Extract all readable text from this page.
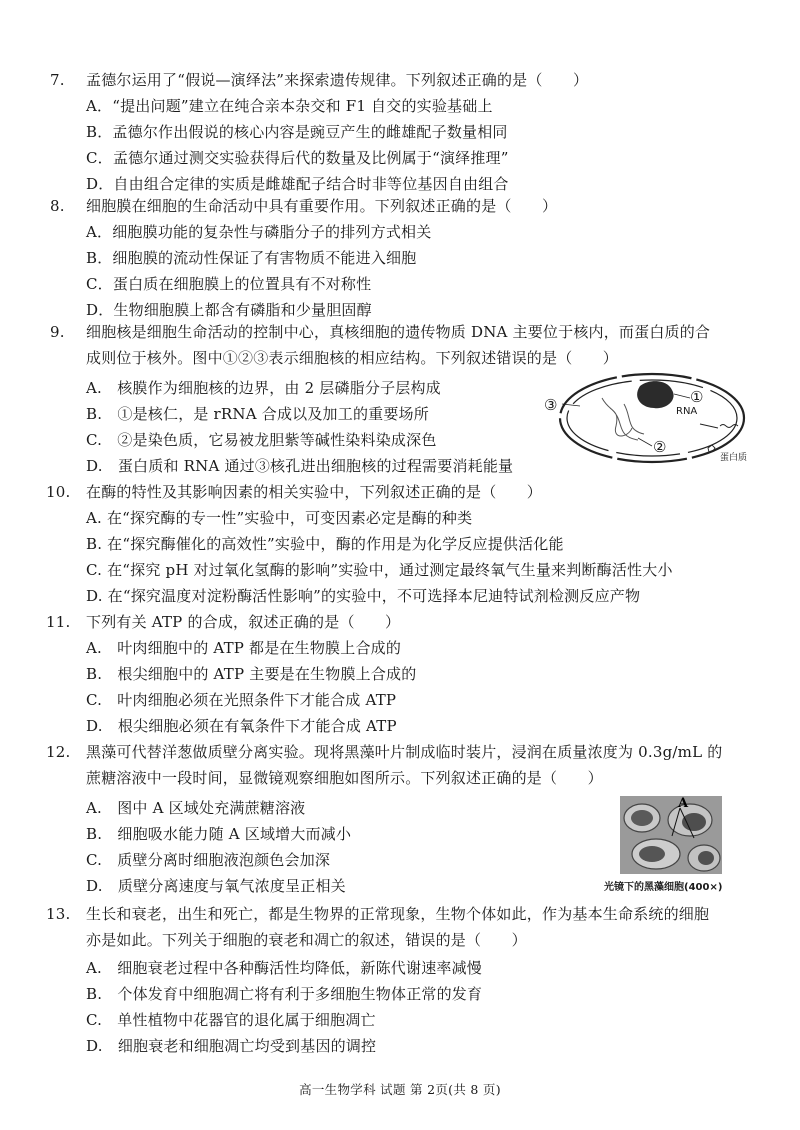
7. 孟德尔运用了“假说—演绎法”来探索遗传规律。下列叙述正确的是（　　）
A．“提出问题”建立在纯合亲本杂交和 F1 自交的实验基础上
B．孟德尔作出假说的核心内容是豌豆产生的雌雄配子数量相同
C．孟德尔通过测交实验获得后代的数量及比例属于“演绎推理”
D．自由组合定律的实质是雌雄配子结合时非等位基因自由组合
8. 细胞膜在细胞的生命活动中具有重要作用。下列叙述正确的是（　　）
A．细胞膜功能的复杂性与磷脂分子的排列方式相关
B．细胞膜的流动性保证了有害物质不能进入细胞
C．蛋白质在细胞膜上的位置具有不对称性
D．生物细胞膜上都含有磷脂和少量胆固醇
9. 细胞核是细胞生命活动的控制中心，真核细胞的遗传物质 DNA 主要位于核内，而蛋白质的合
成则位于核外。图中①②③表示细胞核的相应结构。下列叙述错误的是（　　）
A.　核膜作为细胞核的边界，由 2 层磷脂分子层构成
B.　①是核仁，是 rRNA 合成以及加工的重要场所
C.　②是染色质，它易被龙胆紫等碱性染料染成深色
D.　蛋白质和 RNA 通过③核孔进出细胞核的过程需要消耗能量
①
③
②
RNA
蛋白质
10. 在酶的特性及其影响因素的相关实验中，下列叙述正确的是（　　）
A. 在“探究酶的专一性”实验中，可变因素必定是酶的种类
B. 在“探究酶催化的高效性”实验中，酶的作用是为化学反应提供活化能
C. 在“探究 pH 对过氧化氢酶的影响”实验中，通过测定最终氧气生量来判断酶活性大小
D. 在“探究温度对淀粉酶活性影响”的实验中，不可选择本尼迪特试剂检测反应产物
11. 下列有关 ATP 的合成，叙述正确的是（　　）
A.　叶肉细胞中的 ATP 都是在生物膜上合成的
B.　根尖细胞中的 ATP 主要是在生物膜上合成的
C.　叶肉细胞必须在光照条件下才能合成 ATP
D.　根尖细胞必须在有氧条件下才能合成 ATP
12. 黑藻可代替洋葱做质壁分离实验。现将黑藻叶片制成临时装片，浸润在质量浓度为 0.3g/mL 的
蔗糖溶液中一段时间，显微镜观察细胞如图所示。下列叙述正确的是（　　）
A.　图中 A 区域处充满蔗糖溶液
B.　细胞吸水能力随 A 区域增大而减小
C.　质壁分离时细胞液泡颜色会加深
D.　质壁分离速度与氧气浓度呈正相关
A
光镜下的黑藻细胞(400×)
13. 生长和衰老，出生和死亡，都是生物界的正常现象，生物个体如此，作为基本生命系统的细胞
亦是如此。下列关于细胞的衰老和凋亡的叙述，错误的是（　　）
A.　细胞衰老过程中各种酶活性均降低，新陈代谢速率减慢
B.　个体发育中细胞凋亡将有利于多细胞生物体正常的发育
C.　单性植物中花器官的退化属于细胞凋亡
D.　细胞衰老和细胞凋亡均受到基因的调控
高一生物学科 试题 第 2页(共 8 页)
